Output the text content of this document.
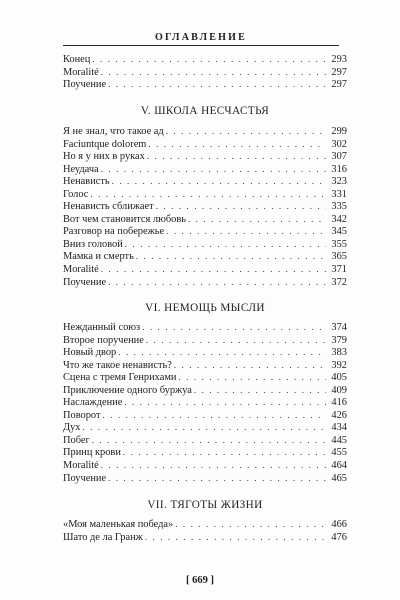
ОГЛАВЛЕНИЕ
Конец . . .	293
Moralité . . .	297
Поучение . . .	297
V. ШКОЛА НЕСЧАСТЬЯ
Я не знал, что такое ад . . .	299
Faciuntque dolorem . . .	302
Но я у них в руках . . .	307
Неудача . . .	316
Ненависть . . .	323
Голос . . .	331
Ненависть сближает . . .	335
Вот чем становится любовь . . .	342
Разговор на побережье . . .	345
Вниз головой . . .	355
Мамка и смерть . . .	365
Moralité . . .	371
Поучение . . .	372
VI. НЕМОЩЬ МЫСЛИ
Нежданный союз . . .	374
Второе поручение . . .	379
Новый двор . . .	383
Что же такое ненависть? . . .	392
Сцена с тремя Генрихами . . .	405
Приключение одного буржуа . . .	409
Наслаждение . . .	416
Поворот . . .	426
Дух . . .	434
Побег . . .	445
Принц крови . . .	455
Moralité . . .	464
Поучение . . .	465
VII. ТЯГОТЫ ЖИЗНИ
«Моя маленькая победа» . . .	466
Шато де ла Гранж . . .	476
[ 669 ]
